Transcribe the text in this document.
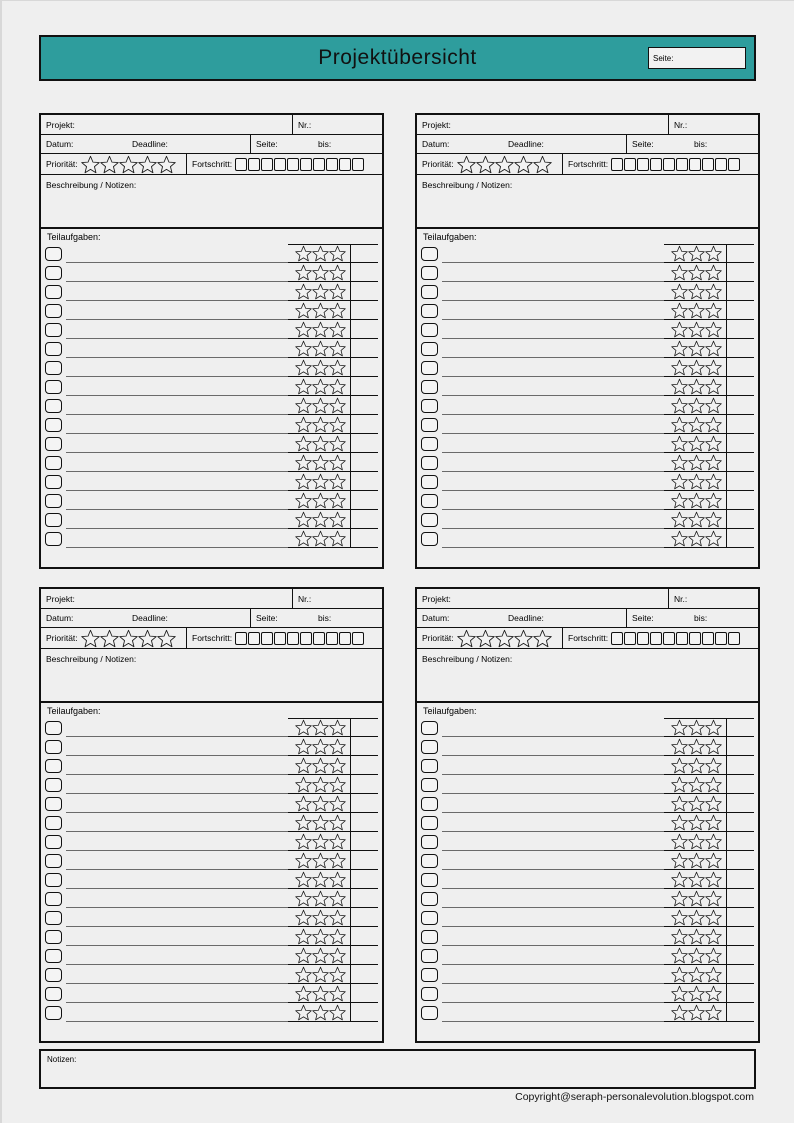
Projektübersicht	Seite:
Projekt:	Nr.:
Datum:	Deadline:	Seite:	bis:
Priorität:	Fortschritt:
Beschreibung / Notizen:
Teilaufgaben:
Projekt:	Nr.:
Datum:	Deadline:	Seite:	bis:
Priorität:	Fortschritt:
Beschreibung / Notizen:
Teilaufgaben:
Projekt:	Nr.:
Datum:	Deadline:	Seite:	bis:
Priorität:	Fortschritt:
Beschreibung / Notizen:
Teilaufgaben:
Projekt:	Nr.:
Datum:	Deadline:	Seite:	bis:
Priorität:	Fortschritt:
Beschreibung / Notizen:
Teilaufgaben:
Notizen:
Copyright@seraph-personalevolution.blogspot.com
